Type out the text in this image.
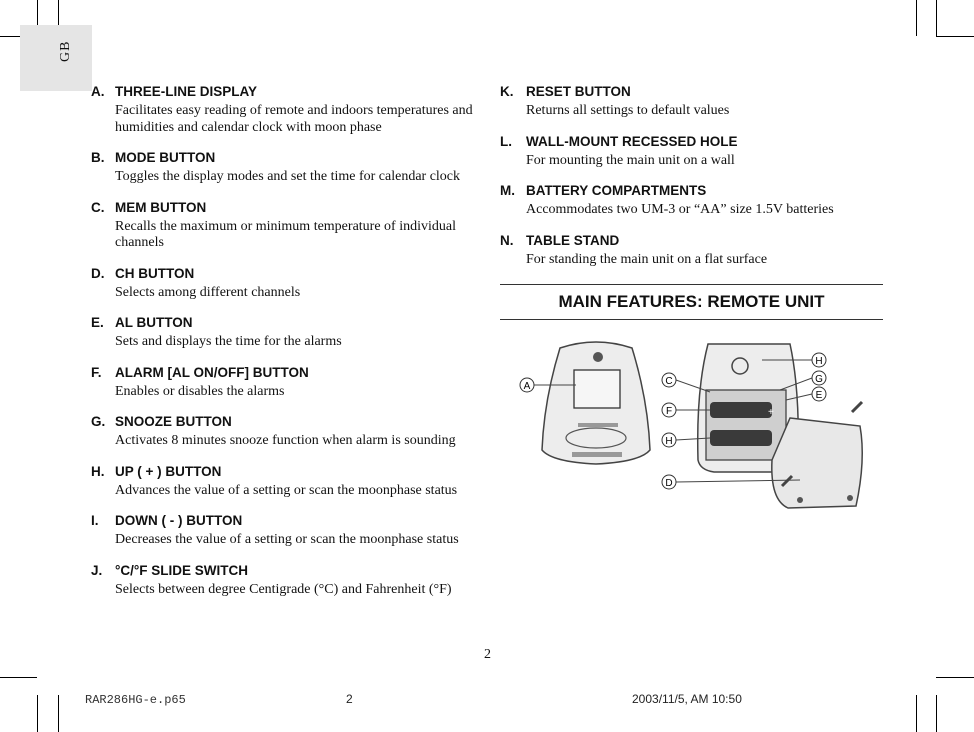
GB
A. THREE-LINE DISPLAY
Facilitates easy reading of remote and indoors temperatures and humidities and calendar clock with moon phase
B. MODE BUTTON
Toggles the display modes and set the time for calendar clock
C. MEM BUTTON
Recalls the maximum or minimum temperature of individual channels
D. CH BUTTON
Selects among different channels
E. AL BUTTON
Sets and displays the time for the alarms
F. ALARM [AL ON/OFF] BUTTON
Enables or disables the alarms
G. SNOOZE BUTTON
Activates 8 minutes snooze function when alarm is sounding
H. UP ( + ) BUTTON
Advances the value of a setting or scan the moonphase status
I. DOWN ( - ) BUTTON
Decreases the value of a setting or scan the moonphase status
J. °C/°F SLIDE SWITCH
Selects between degree Centigrade (°C) and Fahrenheit (°F)
K. RESET BUTTON
Returns all settings to default values
L. WALL-MOUNT RECESSED HOLE
For mounting the main unit on a wall
M. BATTERY COMPARTMENTS
Accommodates two UM-3 or “AA” size 1.5V batteries
N. TABLE STAND
For standing the main unit on a flat surface
MAIN FEATURES: REMOTE UNIT
+
A	C
F
H
D
H
G
E
2
RAR286HG-e.p65	2	2003/11/5, AM 10:50
